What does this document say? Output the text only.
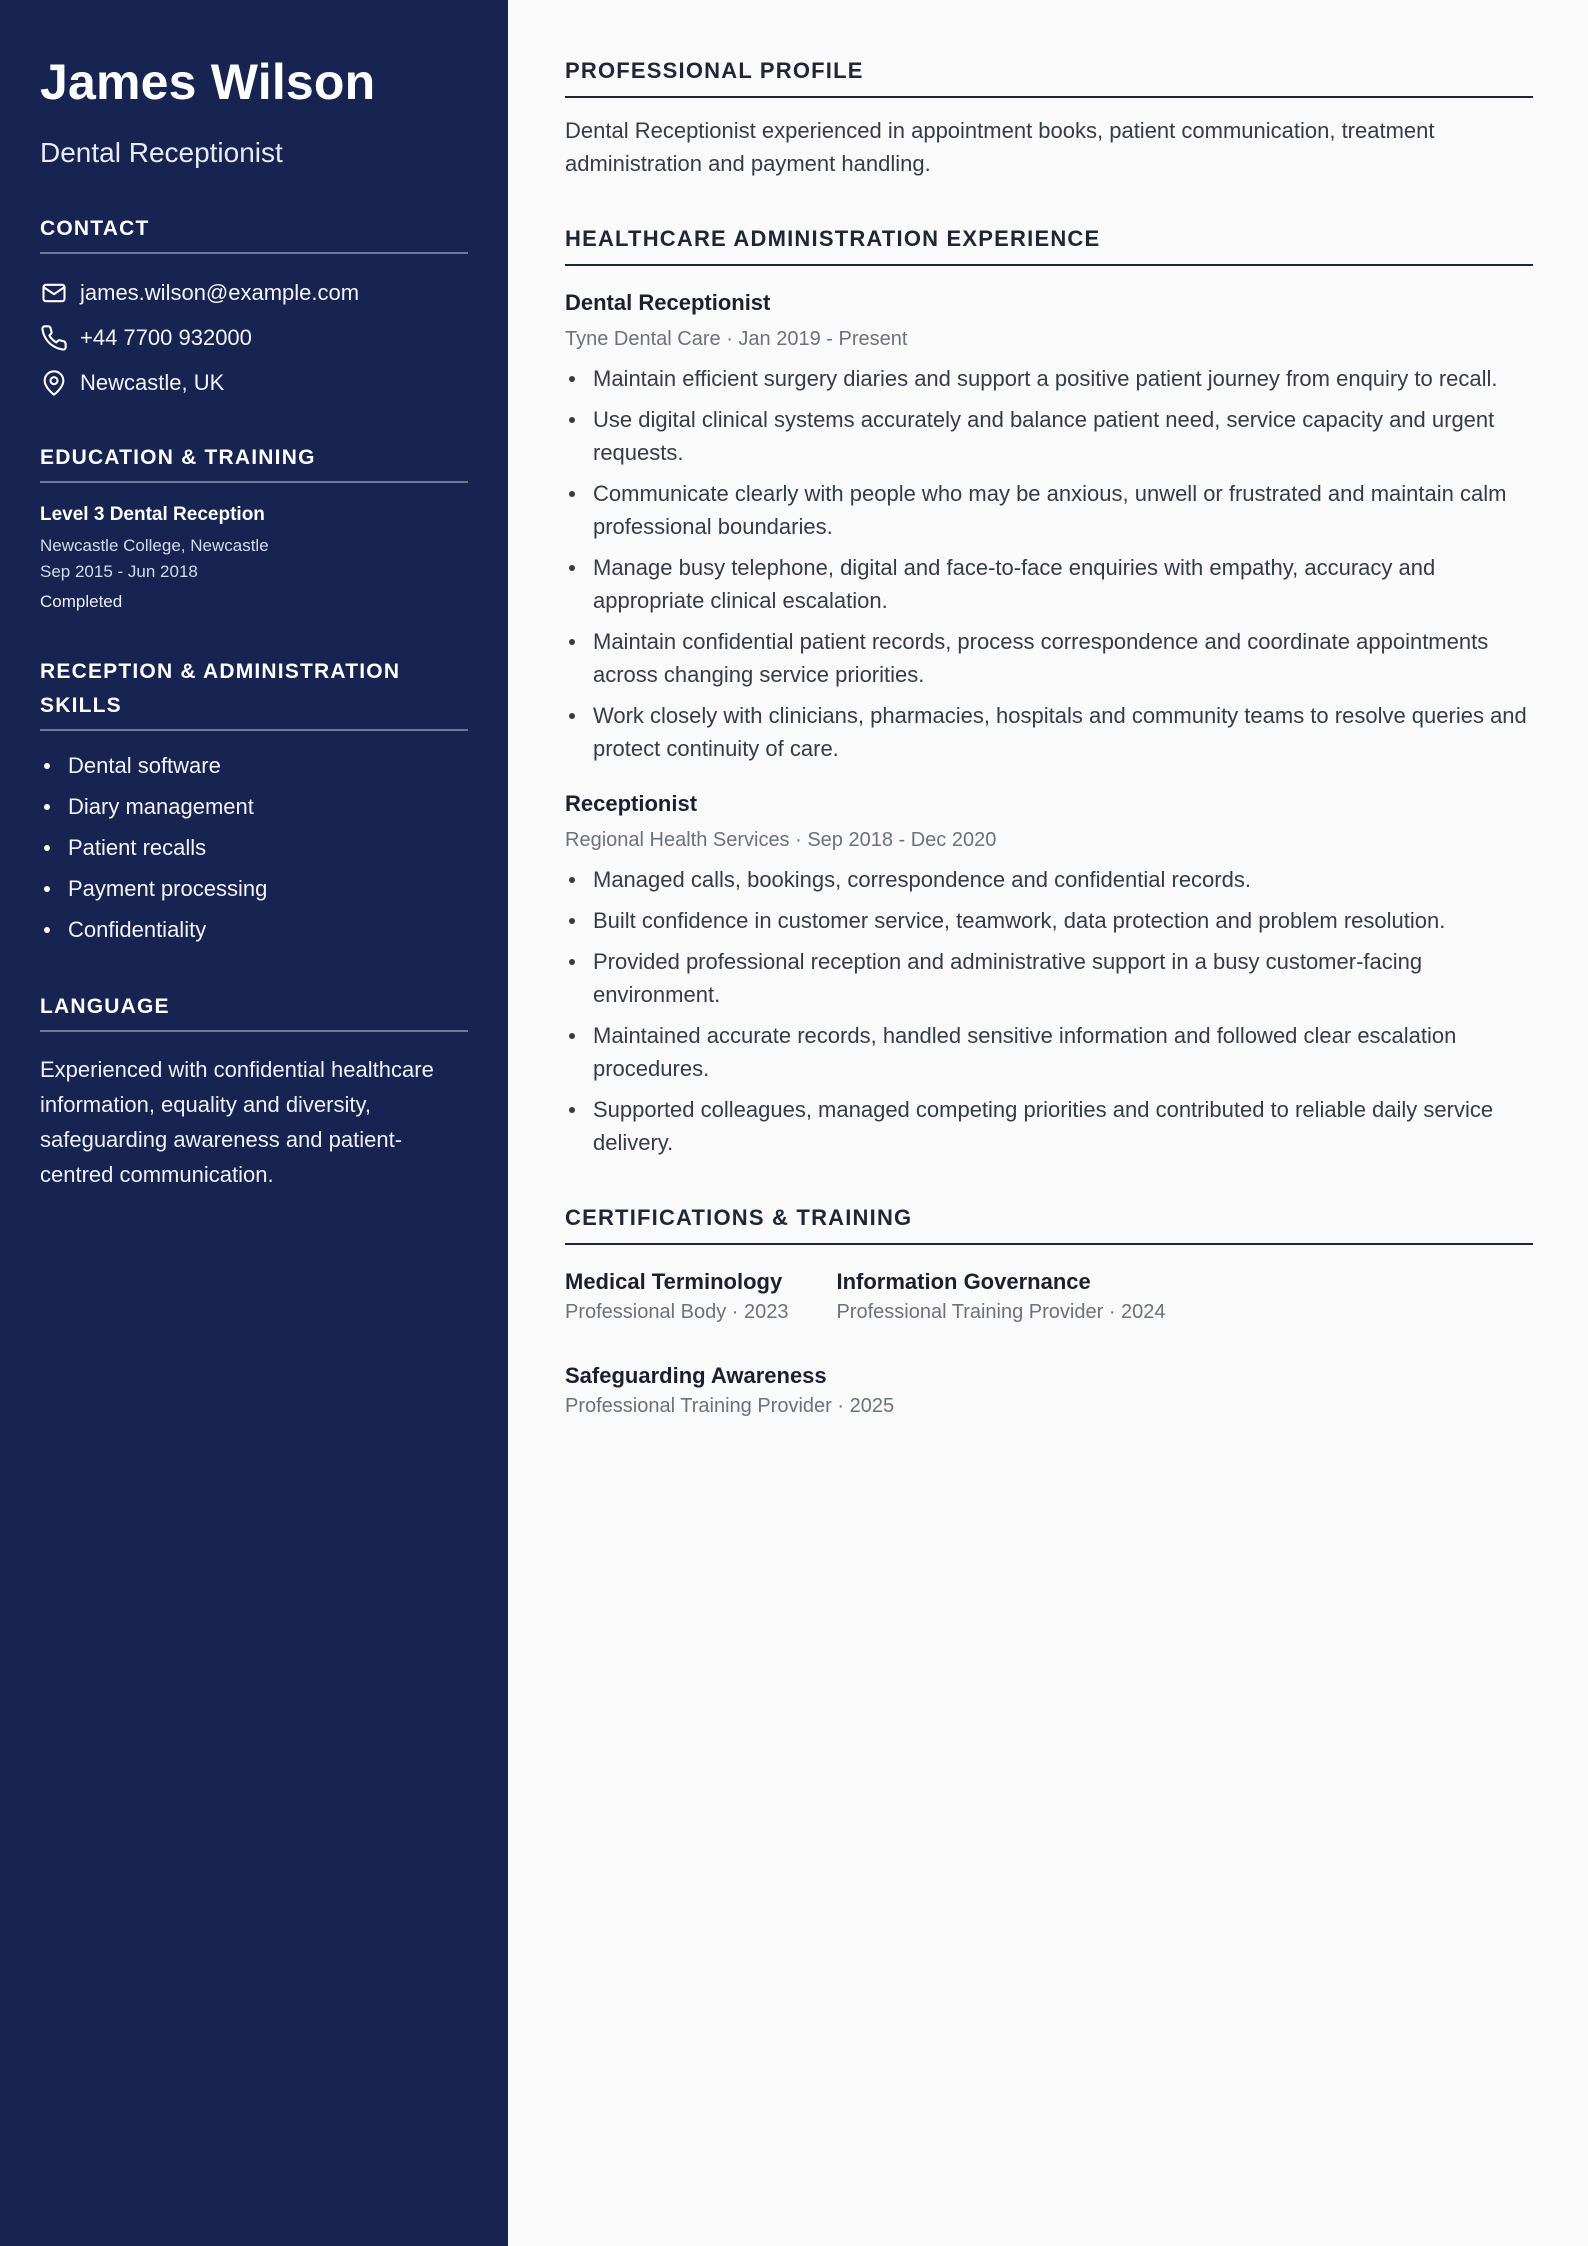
James Wilson
Dental Receptionist
CONTACT
james.wilson@example.com
+44 7700 932000
Newcastle, UK
EDUCATION & TRAINING
Level 3 Dental Reception
Newcastle College, Newcastle
Sep 2015 - Jun 2018
Completed
RECEPTION & ADMINISTRATION
SKILLS
Dental software
Diary management
Patient recalls
Payment processing
Confidentiality
LANGUAGE
Experienced with confidential healthcare information, equality and diversity, safeguarding awareness and patient-centred communication.
PROFESSIONAL PROFILE
Dental Receptionist experienced in appointment books, patient communication, treatment administration and payment handling.
HEALTHCARE ADMINISTRATION EXPERIENCE
Dental Receptionist
Tyne Dental Care · Jan 2019 - Present
Maintain efficient surgery diaries and support a positive patient journey from enquiry to recall.
Use digital clinical systems accurately and balance patient need, service capacity and urgent requests.
Communicate clearly with people who may be anxious, unwell or frustrated and maintain calm professional boundaries.
Manage busy telephone, digital and face-to-face enquiries with empathy, accuracy and appropriate clinical escalation.
Maintain confidential patient records, process correspondence and coordinate appointments across changing service priorities.
Work closely with clinicians, pharmacies, hospitals and community teams to resolve queries and protect continuity of care.
Receptionist
Regional Health Services · Sep 2018 - Dec 2020
Managed calls, bookings, correspondence and confidential records.
Built confidence in customer service, teamwork, data protection and problem resolution.
Provided professional reception and administrative support in a busy customer-facing environment.
Maintained accurate records, handled sensitive information and followed clear escalation procedures.
Supported colleagues, managed competing priorities and contributed to reliable daily service delivery.
CERTIFICATIONS & TRAINING
Medical Terminology
Professional Body · 2023
Information Governance
Professional Training Provider · 2024
Safeguarding Awareness
Professional Training Provider · 2025
